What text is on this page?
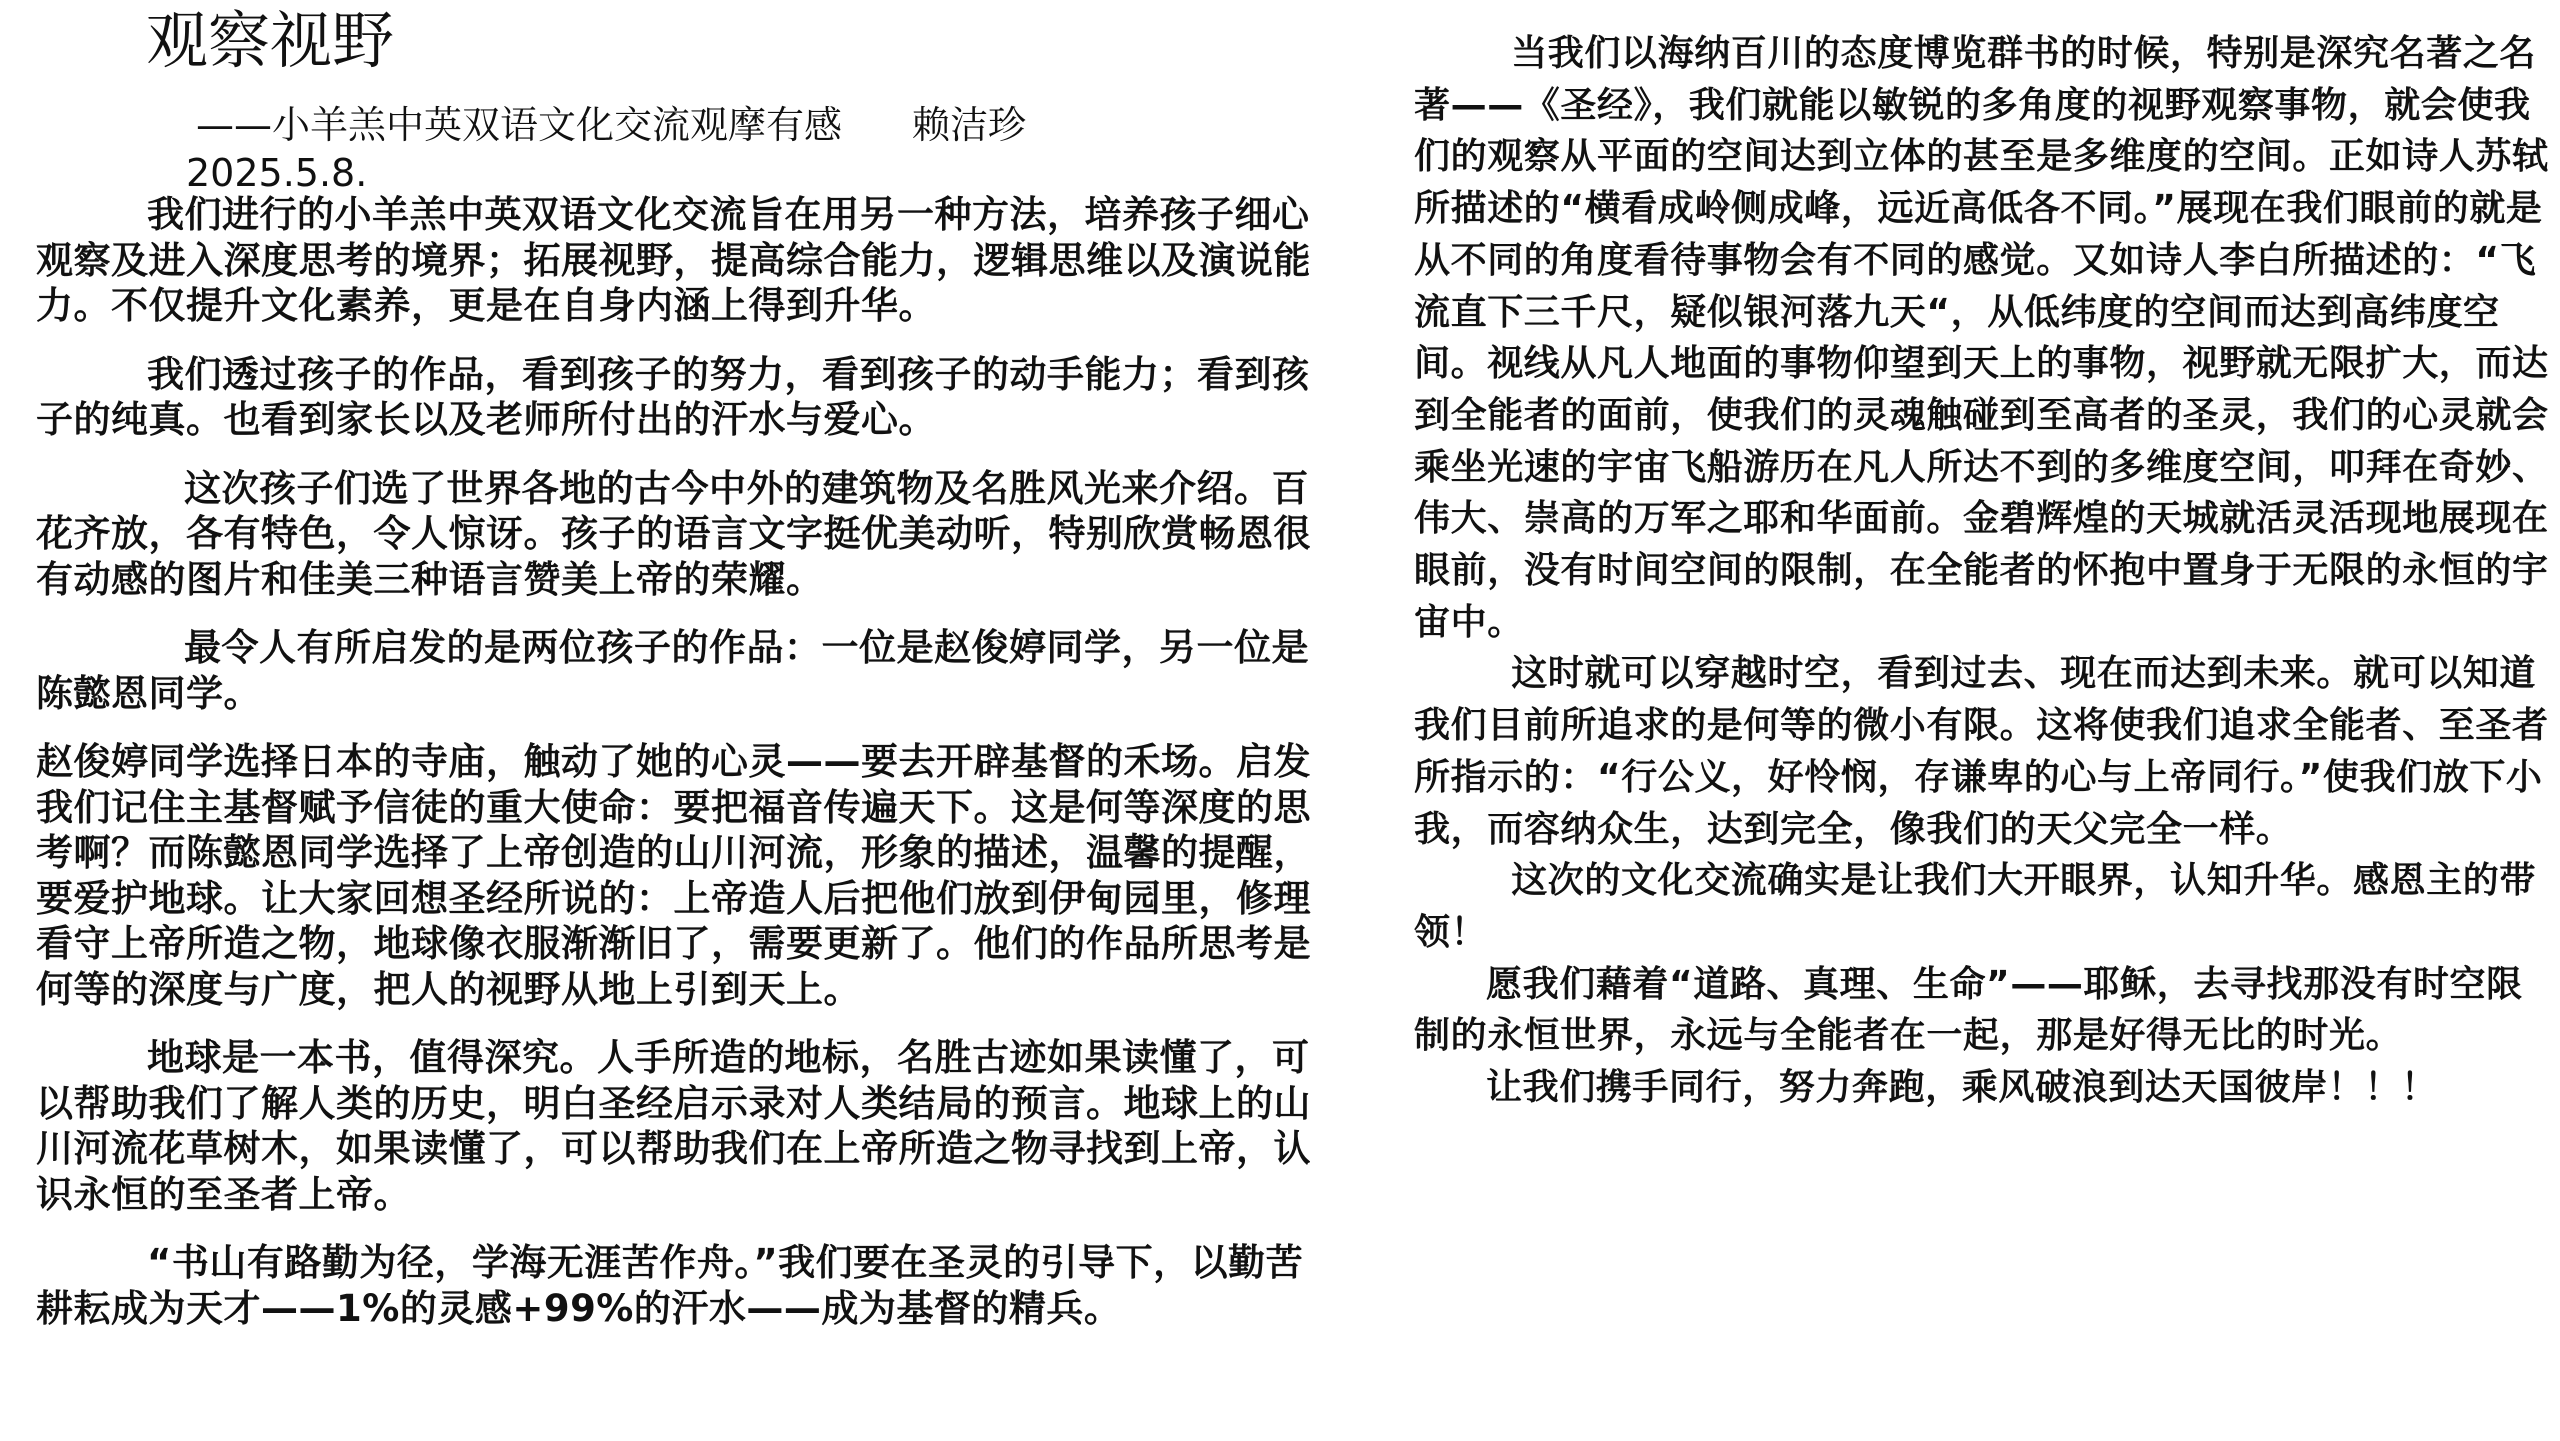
观察视野
——小羊羔中英双语文化交流观摩有感 赖洁珍
2025.5.8.

我们进行的小羊羔中英双语文化交流旨在用另一种方法，培养孩子细心观察及进入深度思考的境界；拓展视野，提高综合能力，逻辑思维以及演说能力。不仅提升文化素养，更是在自身内涵上得到升华。

我们透过孩子的作品，看到孩子的努力，看到孩子的动手能力；看到孩子的纯真。也看到家长以及老师所付出的汗水与爱心。

这次孩子们选了世界各地的古今中外的建筑物及名胜风光来介绍。百花齐放，各有特色，令人惊讶。孩子的语言文字挺优美动听，特别欣赏畅恩很有动感的图片和佳美三种语言赞美上帝的荣耀。

最令人有所启发的是两位孩子的作品：一位是赵俊婷同学，另一位是陈懿恩同学。

赵俊婷同学选择日本的寺庙，触动了她的心灵——要去开辟基督的禾场。启发我们记住主基督赋予信徒的重大使命：要把福音传遍天下。这是何等深度的思考啊？而陈懿恩同学选择了上帝创造的山川河流，形象的描述，温馨的提醒，要爱护地球。让大家回想圣经所说的：上帝造人后把他们放到伊甸园里，修理看守上帝所造之物，地球像衣服渐渐旧了，需要更新了。他们的作品所思考是何等的深度与广度，把人的视野从地上引到天上。

地球是一本书，值得深究。人手所造的地标，名胜古迹如果读懂了，可以帮助我们了解人类的历史，明白圣经启示录对人类结局的预言。地球上的山川河流花草树木，如果读懂了，可以帮助我们在上帝所造之物寻找到上帝，认识永恒的至圣者上帝。

“书山有路勤为径，学海无涯苦作舟。”我们要在圣灵的引导下，以勤苦耕耘成为天才——1%的灵感+99%的汗水——成为基督的精兵。

当我们以海纳百川的态度博览群书的时候，特别是深究名著之名著——《圣经》，我们就能以敏锐的多角度的视野观察事物，就会使我们的观察从平面的空间达到立体的甚至是多维度的空间。正如诗人苏轼所描述的“横看成岭侧成峰，远近高低各不同。”展现在我们眼前的就是从不同的角度看待事物会有不同的感觉。又如诗人李白所描述的：“飞流直下三千尺，疑似银河落九天“，从低纬度的空间而达到高纬度空间。视线从凡人地面的事物仰望到天上的事物，视野就无限扩大，而达到全能者的面前，使我们的灵魂触碰到至高者的圣灵，我们的心灵就会乘坐光速的宇宙飞船游历在凡人所达不到的多维度空间，叩拜在奇妙、伟大、崇高的万军之耶和华面前。金碧辉煌的天城就活灵活现地展现在眼前，没有时间空间的限制，在全能者的怀抱中置身于无限的永恒的宇宙中。

这时就可以穿越时空，看到过去、现在而达到未来。就可以知道我们目前所追求的是何等的微小有限。这将使我们追求全能者、至圣者所指示的：“行公义，好怜悯，存谦卑的心与上帝同行。”使我们放下小我，而容纳众生，达到完全，像我们的天父完全一样。

这次的文化交流确实是让我们大开眼界，认知升华。感恩主的带领！

愿我们藉着“道路、真理、生命”——耶稣，去寻找那没有时空限制的永恒世界，永远与全能者在一起，那是好得无比的时光。

让我们携手同行，努力奔跑，乘风破浪到达天国彼岸！！！
